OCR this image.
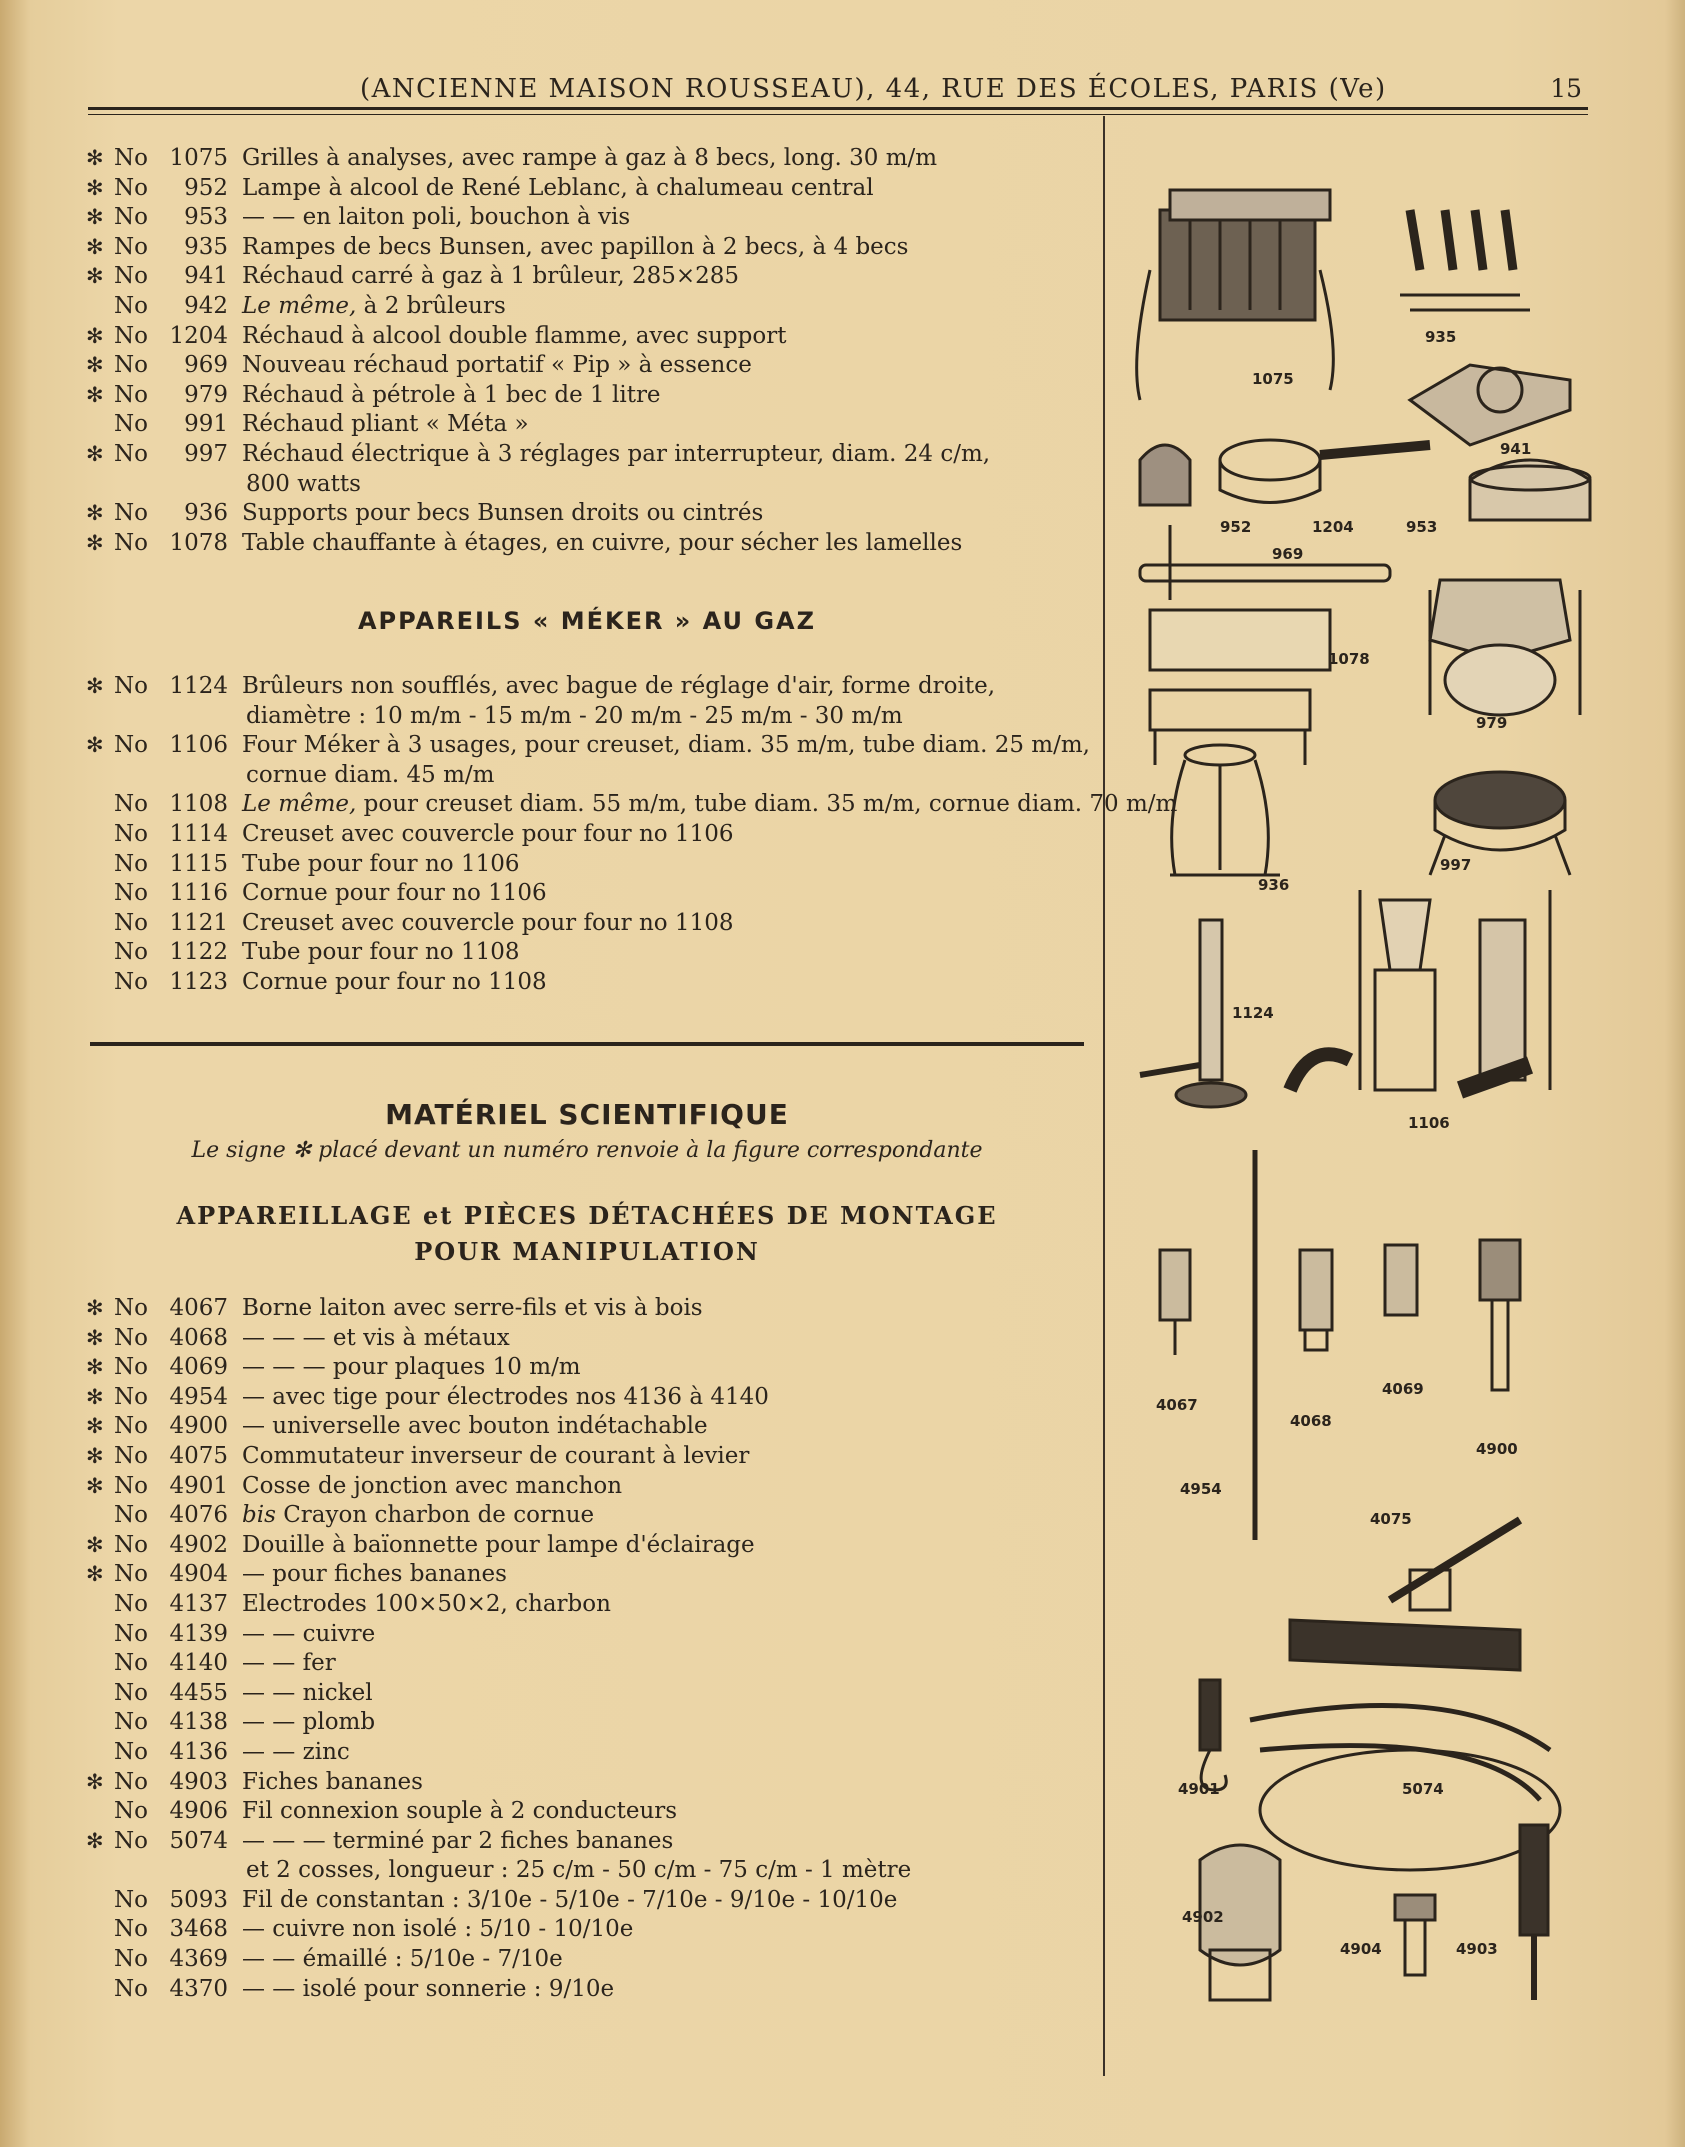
(ANCIENNE MAISON ROUSSEAU), 44, RUE DES ÉCOLES, PARIS (Ve)	15
✻ No 1075 Grilles à analyses, avec rampe à gaz à 8 becs, long. 30 m/m
✻ No	952 Lampe à alcool de René Leblanc, à chalumeau central
✻ No	953 — — en laiton poli, bouchon à vis
✻ No	935 Rampes de becs Bunsen, avec papillon à 2 becs, à 4 becs
✻ No	941 Réchaud carré à gaz à 1 brûleur, 285×285
No	942 Le même, à 2 brûleurs
✻ No 1204 Réchaud à alcool double flamme, avec support
✻ No	969 Nouveau réchaud portatif « Pip » à essence
✻ No	979 Réchaud à pétrole à 1 bec de 1 litre
No	991 Réchaud pliant « Méta »
✻ No	997 Réchaud électrique à 3 réglages par interrupteur, diam. 24 c/m,
800 watts
✻ No	936 Supports pour becs Bunsen droits ou cintrés
✻ No 1078 Table chauffante à étages, en cuivre, pour sécher les lamelles
APPAREILS « MÉKER » AU GAZ
✻ No 1124 Brûleurs non soufflés, avec bague de réglage d'air, forme droite,
diamètre : 10 m/m - 15 m/m - 20 m/m - 25 m/m - 30 m/m
✻ No 1106 Four Méker à 3 usages, pour creuset, diam. 35 m/m, tube diam. 25 m/m,
cornue diam. 45 m/m
No 1108 Le même, pour creuset diam. 55 m/m, tube diam. 35 m/m, cornue diam. 70 m/m
No 1114 Creuset avec couvercle pour four no 1106
No 1115 Tube pour four no 1106
No 1116 Cornue pour four no 1106
No 1121 Creuset avec couvercle pour four no 1108
No 1122 Tube pour four no 1108
No 1123 Cornue pour four no 1108
MATÉRIEL SCIENTIFIQUE
Le signe ✻ placé devant un numéro renvoie à la figure correspondante
APPAREILLAGE et PIÈCES DÉTACHÉES DE MONTAGE
POUR MANIPULATION
✻ No 4067 Borne laiton avec serre-fils et vis à bois
✻ No 4068 — — — et vis à métaux
✻ No 4069 — — — pour plaques 10 m/m
✻ No 4954 — avec tige pour électrodes nos 4136 à 4140
✻ No 4900 — universelle avec bouton indétachable
✻ No 4075 Commutateur inverseur de courant à levier
✻ No 4901 Cosse de jonction avec manchon
No 4076 bis Crayon charbon de cornue
✻ No 4902 Douille à baïonnette pour lampe d'éclairage
✻ No 4904 — pour fiches bananes
No 4137 Electrodes 100×50×2, charbon
No 4139 — — cuivre
No 4140 — — fer
No 4455 — — nickel
No 4138 — — plomb
No 4136 — — zinc
✻ No 4903 Fiches bananes
No 4906 Fil connexion souple à 2 conducteurs
✻ No 5074 — — — terminé par 2 fiches bananes
et 2 cosses, longueur : 25 c/m - 50 c/m - 75 c/m - 1 mètre
No 5093 Fil de constantan : 3/10e - 5/10e - 7/10e - 9/10e - 10/10e
No 3468 — cuivre non isolé : 5/10 - 10/10e
No 4369 — — émaillé : 5/10e - 7/10e
No 4370 — — isolé pour sonnerie : 9/10e
1075
935
941
952	1204	953
969
1078
979
936
997
1124
1106
4067
4068
4069
4900
4954
4075
4901	5074
4902
4904	4903
